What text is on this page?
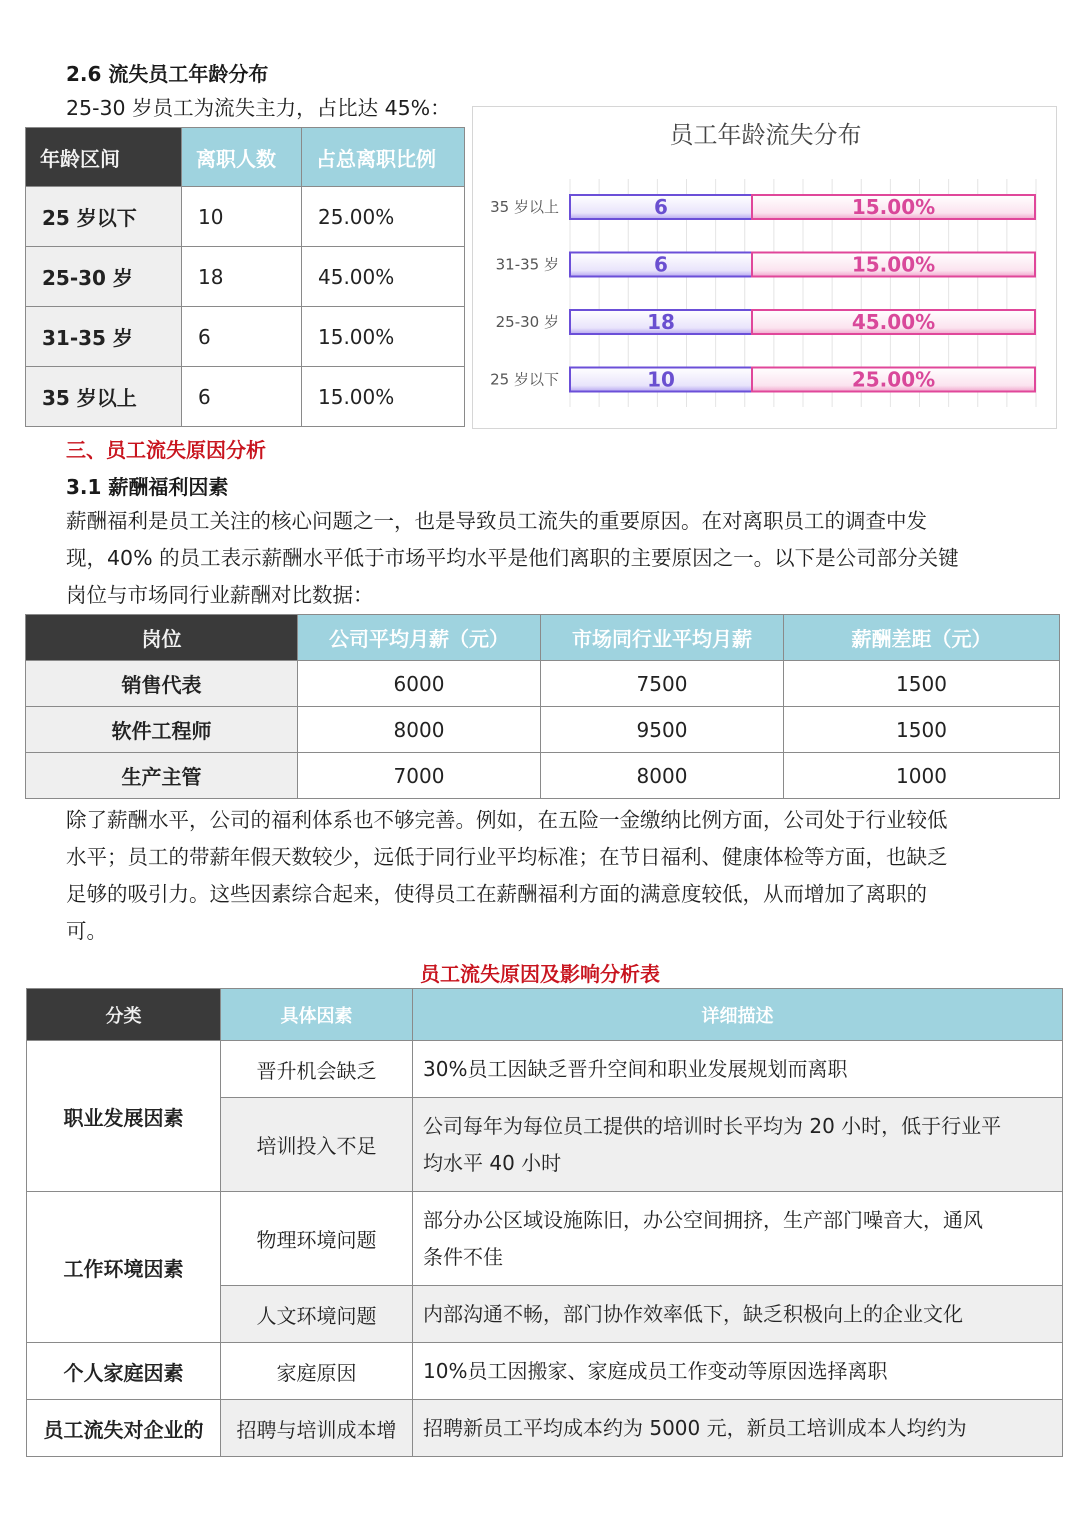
2.6 流失员工年龄分布
25-30 岁员工为流失主力，占比达 45%：
年龄区间	离职人数	占总离职比例
25 岁以下	10	25.00%
25-30 岁	18	45.00%
31-35 岁	6	15.00%
35 岁以上	6	15.00%
35 岁以上	6	15.00%
31-35 岁	6	15.00%
25-30 岁	18	45.00%
25 岁以下	10	25.00%
员工年龄流失分布
三、员工流失原因分析
3.1 薪酬福利因素
薪酬福利是员工关注的核心问题之一，也是导致员工流失的重要原因。在对离职员工的调查中发
现，40% 的员工表示薪酬水平低于市场平均水平是他们离职的主要原因之一。以下是公司部分关键
岗位与市场同行业薪酬对比数据：
岗位	公司平均月薪（元）	市场同行业平均月薪	薪酬差距（元）
销售代表	6000	7500	1500
软件工程师	8000	9500	1500
生产主管	7000	8000	1000
除了薪酬水平，公司的福利体系也不够完善。例如，在五险一金缴纳比例方面，公司处于行业较低
水平；员工的带薪年假天数较少，远低于同行业平均标准；在节日福利、健康体检等方面，也缺乏
足够的吸引力。这些因素综合起来，使得员工在薪酬福利方面的满意度较低，从而增加了离职的
可。
员工流失原因及影响分析表
分类	具体因素	详细描述
职业发展因素	晋升机会缺乏	30%员工因缺乏晋升空间和职业发展规划而离职

	培训投入不足	公司每年为每位员工提供的培训时长平均为 20 小时，低于行业平
均水平 40 小时

工作环境因素	物理环境问题	部分办公区域设施陈旧，办公空间拥挤，生产部门噪音大，通风
条件不佳

	人文环境问题	内部沟通不畅，部门协作效率低下，缺乏积极向上的企业文化

个人家庭因素	家庭原因	10%员工因搬家、家庭成员工作变动等原因选择离职

员工流失对企业的	招聘与培训成本增	招聘新员工平均成本约为 5000 元，新员工培训成本人均约为
